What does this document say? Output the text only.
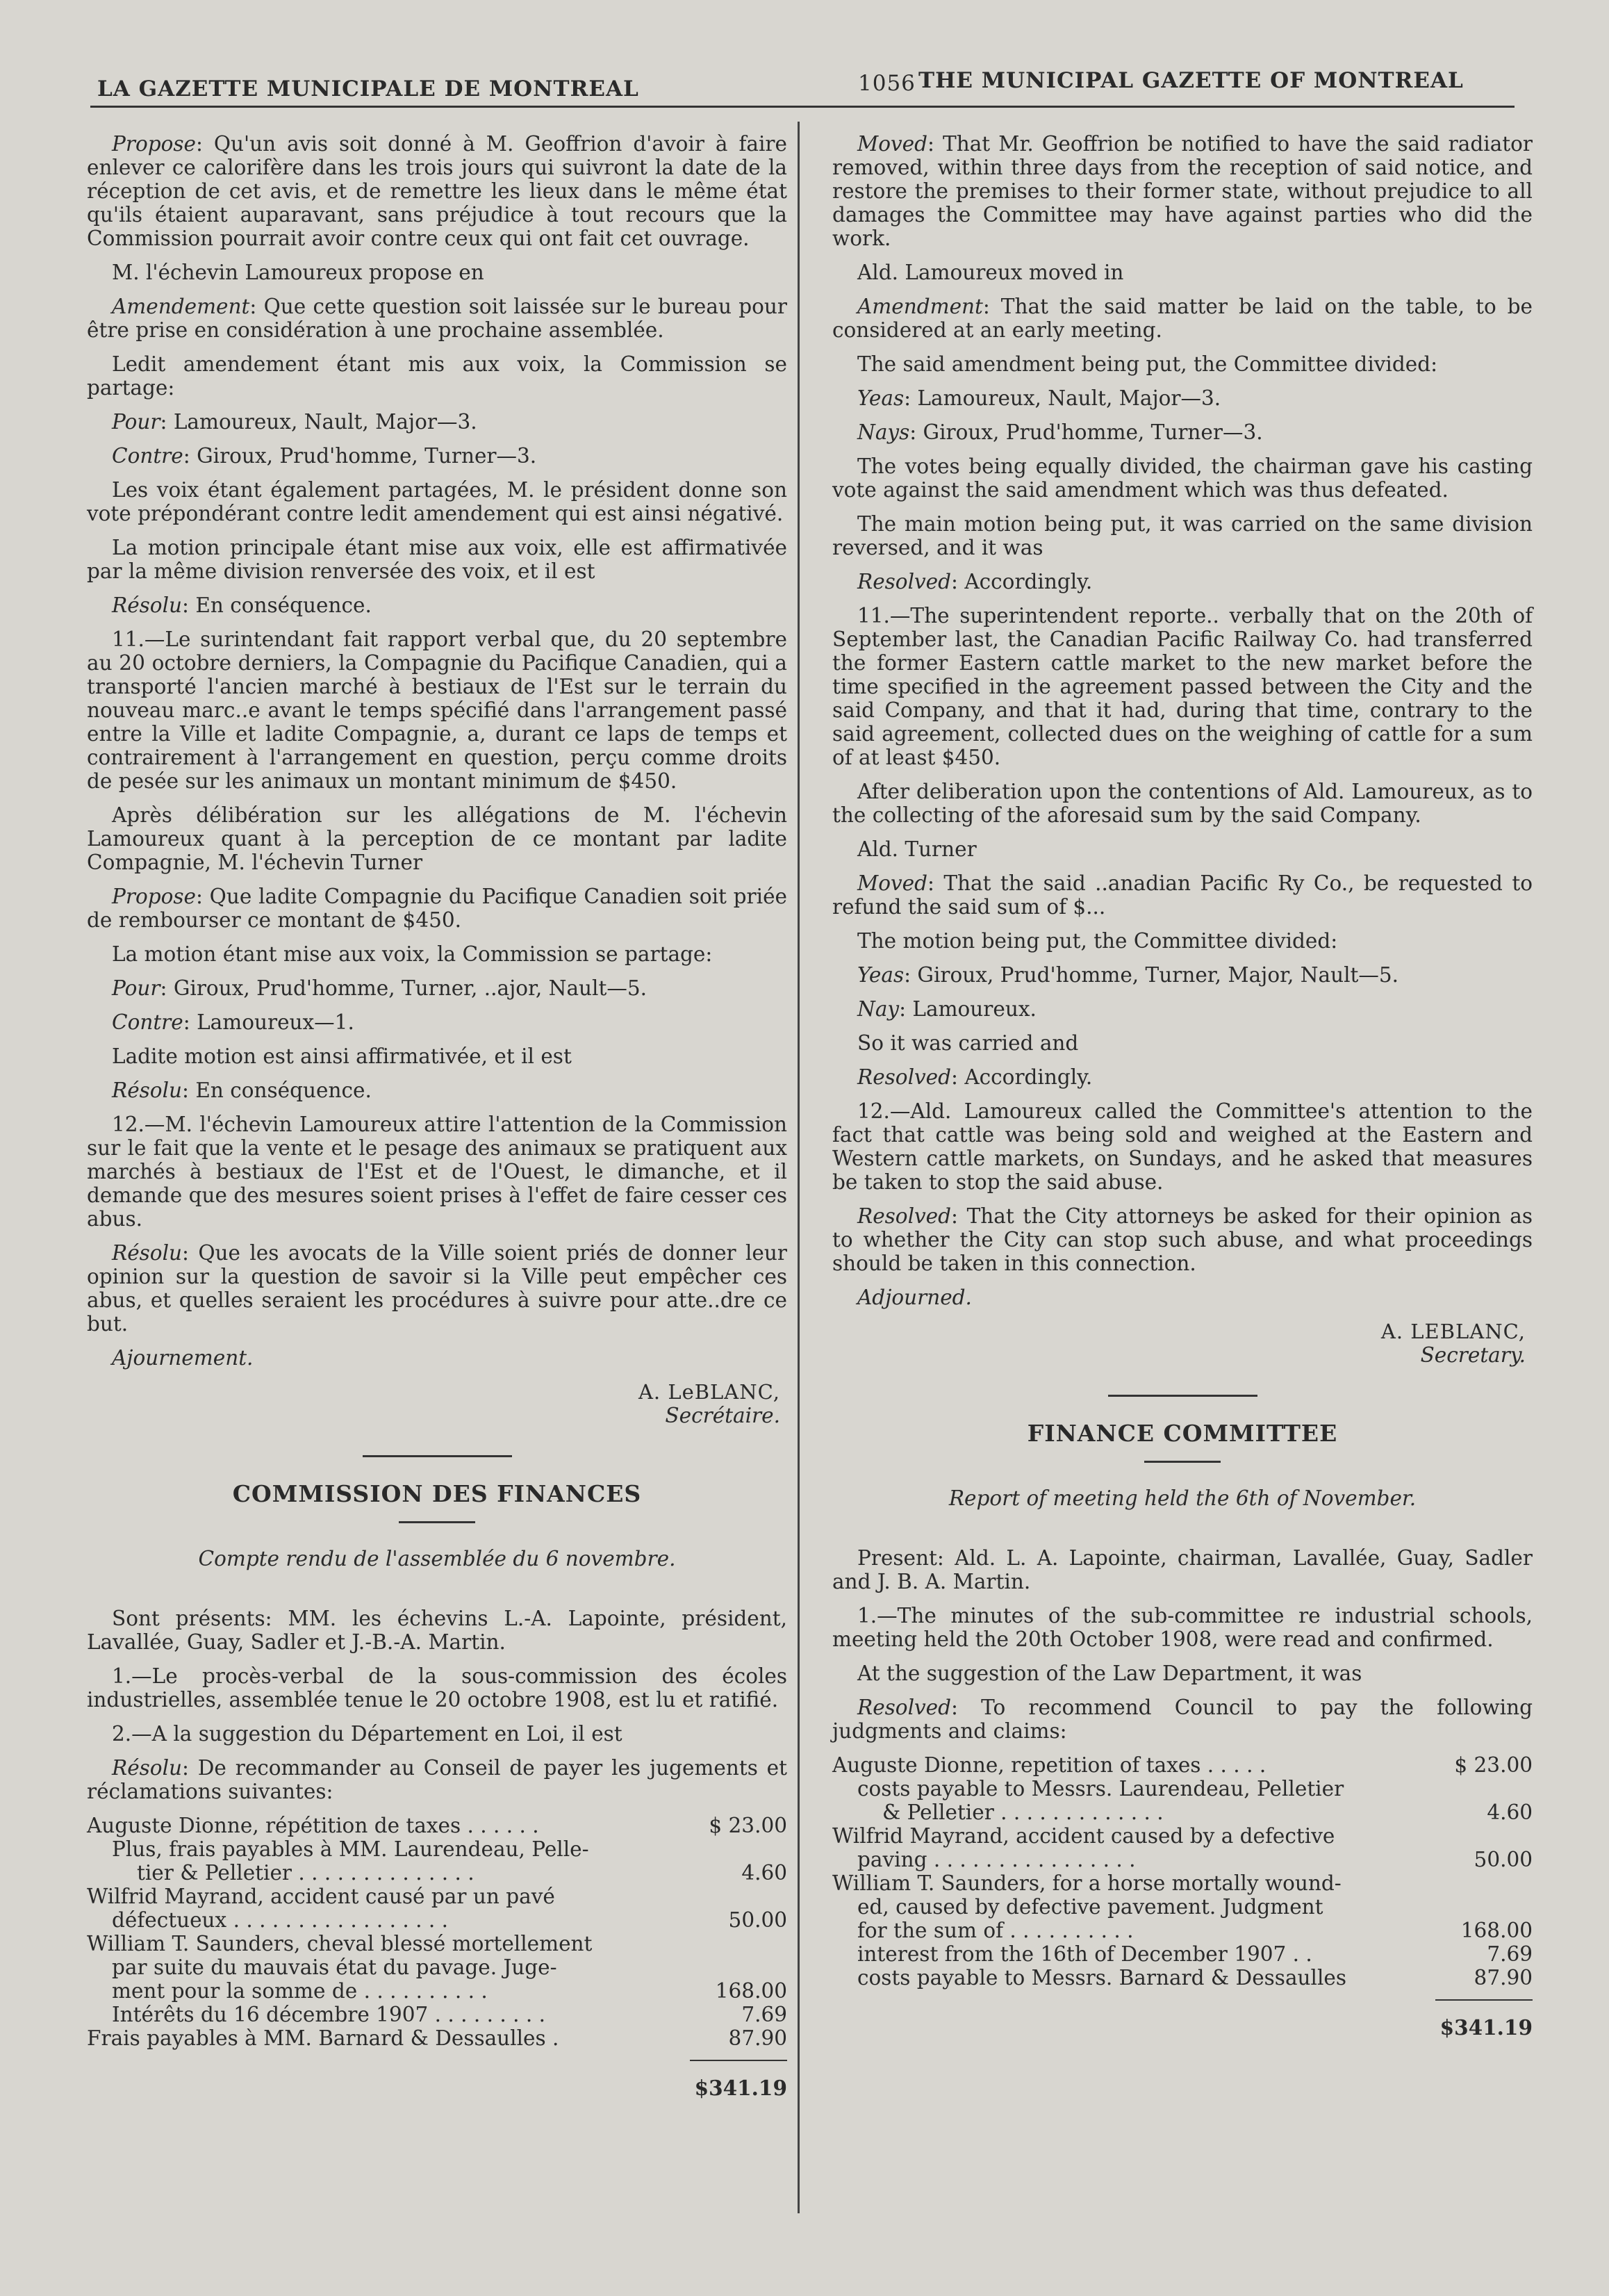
LA GAZETTE MUNICIPALE DE MONTREAL	1056 THE MUNICIPAL GAZETTE OF MONTREAL

Propose: Qu'un avis soit donné à M. Geoffrion d'avoir à faire enlever ce calorifère dans les trois jours qui suivront la date de la réception de cet avis, et de remettre les lieux dans le même état qu'ils étaient auparavant, sans préjudice à tout recours que la Commission pourrait avoir contre ceux qui ont fait cet ouvrage.

M. l'échevin Lamoureux propose en

Amendement: Que cette question soit laissée sur le bureau pour être prise en considération à une prochaine assemblée.

Ledit amendement étant mis aux voix, la Commission se partage:

Pour: Lamoureux, Nault, Major—3.

Contre: Giroux, Prud'homme, Turner—3.

Les voix étant également partagées, M. le président donne son vote prépondérant contre ledit amendement qui est ainsi négativé.

La motion principale étant mise aux voix, elle est affirmativée par la même division renversée des voix, et il est

Résolu: En conséquence.

11.—Le surintendant fait rapport verbal que, du 20 septembre au 20 octobre derniers, la Compagnie du Pacifique Canadien, qui a transporté l'ancien marché à bestiaux de l'Est sur le terrain du nouveau marc..e avant le temps spécifié dans l'arrangement passé entre la Ville et ladite Compagnie, a, durant ce laps de temps et contrairement à l'arrangement en question, perçu comme droits de pesée sur les animaux un montant minimum de $450.

Après délibération sur les allégations de M. l'échevin Lamoureux quant à la perception de ce montant par ladite Compagnie, M. l'échevin Turner

Propose: Que ladite Compagnie du Pacifique Canadien soit priée de rembourser ce montant de $450.

La motion étant mise aux voix, la Commission se partage:

Pour: Giroux, Prud'homme, Turner, ..ajor, Nault—5.

Contre: Lamoureux—1.

Ladite motion est ainsi affirmativée, et il est

Résolu: En conséquence.

12.—M. l'échevin Lamoureux attire l'attention de la Commission sur le fait que la vente et le pesage des animaux se pratiquent aux marchés à bestiaux de l'Est et de l'Ouest, le dimanche, et il demande que des mesures soient prises à l'effet de faire cesser ces abus.

Résolu: Que les avocats de la Ville soient priés de donner leur opinion sur la question de savoir si la Ville peut empêcher ces abus, et quelles seraient les procédures à suivre pour atte..dre ce but.

Ajournement.

A. LeBLANC,
Secrétaire.
COMMISSION DES FINANCES
Compte rendu de l'assemblée du 6 novembre.

Sont présents: MM. les échevins L.-A. Lapointe, président, Lavallée, Guay, Sadler et J.-B.-A. Martin.

1.—Le procès-verbal de la sous-commission des écoles industrielles, assemblée tenue le 20 octobre 1908, est lu et ratifié.

2.—A la suggestion du Département en Loi, il est

Résolu: De recommander au Conseil de payer les jugements et réclamations suivantes:

Auguste Dionne, répétition de taxes . . . . . .	$ 23.00
Plus, frais payables à MM. Laurendeau, Pelle-
tier & Pelletier . . . . . . . . . . . . . .	4.60
Wilfrid Mayrand, accident causé par un pavé
défectueux . . . . . . . . . . . . . . . . .	50.00
William T. Saunders, cheval blessé mortellement
par suite du mauvais état du pavage. Juge-
ment pour la somme de . . . . . . . . . .	168.00
Intérêts du 16 décembre 1907 . . . . . . . . .	7.69
Frais payables à MM. Barnard & Dessaulles .	87.90
$341.19

Moved: That Mr. Geoffrion be notified to have the said radiator removed, within three days from the reception of said notice, and restore the premises to their former state, without prejudice to all damages the Committee may have against parties who did the work.

Ald. Lamoureux moved in

Amendment: That the said matter be laid on the table, to be considered at an early meeting.

The said amendment being put, the Committee divided:

Yeas: Lamoureux, Nault, Major—3.

Nays: Giroux, Prud'homme, Turner—3.

The votes being equally divided, the chairman gave his casting vote against the said amendment which was thus defeated.

The main motion being put, it was carried on the same division reversed, and it was

Resolved: Accordingly.

11.—The superintendent reporte.. verbally that on the 20th of September last, the Canadian Pacific Railway Co. had transferred the former Eastern cattle market to the new market before the time specified in the agreement passed between the City and the said Company, and that it had, during that time, contrary to the said agreement, collected dues on the weighing of cattle for a sum of at least $450.

After deliberation upon the contentions of Ald. Lamoureux, as to the collecting of the aforesaid sum by the said Company.

Ald. Turner

Moved: That the said ..anadian Pacific Ry Co., be requested to refund the said sum of $...

The motion being put, the Committee divided:

Yeas: Giroux, Prud'homme, Turner, Major, Nault—5.

Nay: Lamoureux.

So it was carried and

Resolved: Accordingly.

12.—Ald. Lamoureux called the Committee's attention to the fact that cattle was being sold and weighed at the Eastern and Western cattle markets, on Sundays, and he asked that measures be taken to stop the said abuse.

Resolved: That the City attorneys be asked for their opinion as to whether the City can stop such abuse, and what proceedings should be taken in this connection.

Adjourned.

A. LEBLANC,
Secretary.
FINANCE COMMITTEE
Report of meeting held the 6th of November.

Present: Ald. L. A. Lapointe, chairman, Lavallée, Guay, Sadler and J. B. A. Martin.

1.—The minutes of the sub-committee re industrial schools, meeting held the 20th October 1908, were read and confirmed.

At the suggestion of the Law Department, it was

Resolved: To recommend Council to pay the following judgments and claims:

Auguste Dionne, repetition of taxes . . . . .	$ 23.00
costs payable to Messrs. Laurendeau, Pelletier
& Pelletier . . . . . . . . . . . . .	4.60
Wilfrid Mayrand, accident caused by a defective
paving . . . . . . . . . . . . . . . .	50.00
William T. Saunders, for a horse mortally wound-
ed, caused by defective pavement. Judgment
for the sum of . . . . . . . . . .	168.00
interest from the 16th of December 1907 . .	7.69
costs payable to Messrs. Barnard & Dessaulles	87.90
$341.19
